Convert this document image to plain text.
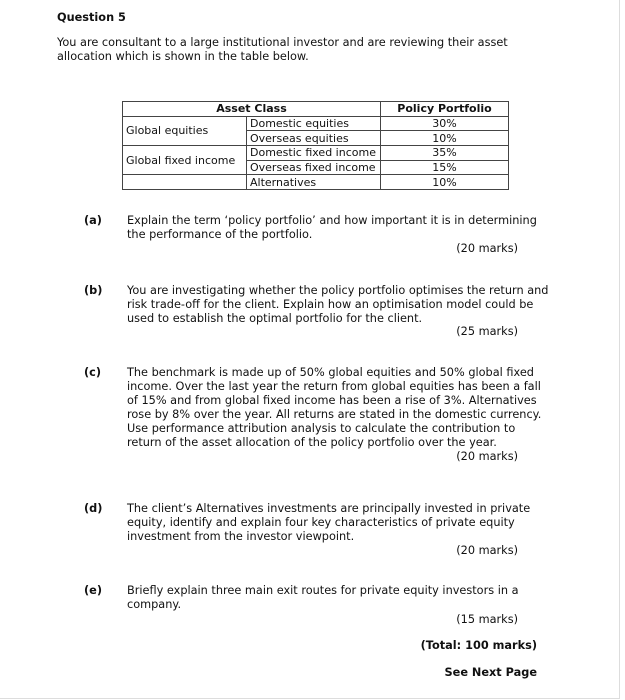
Question 5
You are consultant to a large institutional investor and are reviewing their asset
allocation which is shown in the table below.
Asset Class		Policy Portfolio
Global equities	Domestic equities	30%
	Overseas equities	10%
Global fixed income	Domestic fixed income	35%
	Overseas fixed income	15%
	Alternatives	10%
(a) Explain the term ‘policy portfolio’ and how important it is in determining
the performance of the portfolio.
(20 marks)
(b) You are investigating whether the policy portfolio optimises the return and
risk trade-off for the client. Explain how an optimisation model could be
used to establish the optimal portfolio for the client.
(25 marks)
(c) The benchmark is made up of 50% global equities and 50% global fixed
income. Over the last year the return from global equities has been a fall
of 15% and from global fixed income has been a rise of 3%. Alternatives
rose by 8% over the year. All returns are stated in the domestic currency.
Use performance attribution analysis to calculate the contribution to
return of the asset allocation of the policy portfolio over the year.
(20 marks)
(d) The client’s Alternatives investments are principally invested in private
equity, identify and explain four key characteristics of private equity
investment from the investor viewpoint.
(20 marks)
(e) Briefly explain three main exit routes for private equity investors in a
company.
(15 marks)
(Total: 100 marks)
See Next Page
